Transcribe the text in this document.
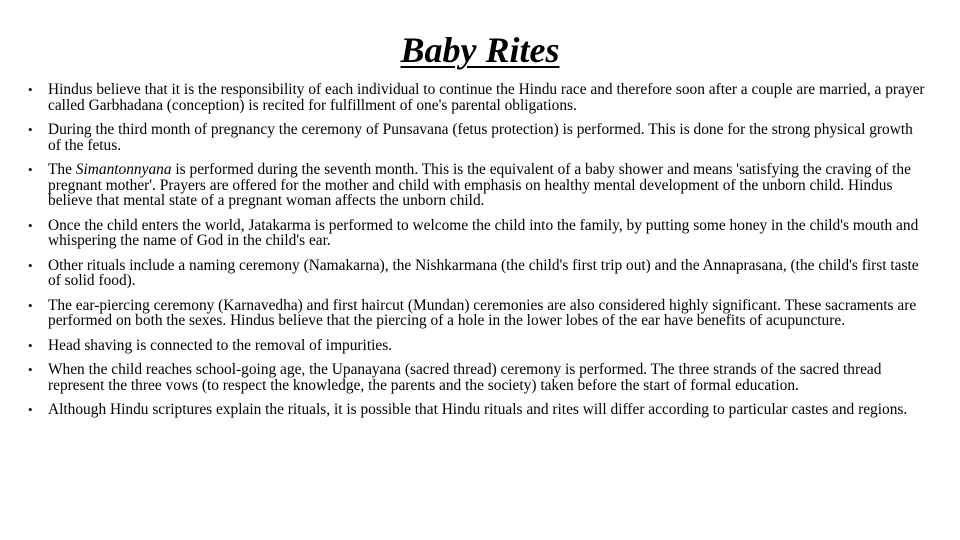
Baby Rites
• Hindus believe that it is the responsibility of each individual to continue the Hindu race and therefore soon after a couple are married, a prayer called Garbhadana (conception) is recited for fulfillment of one's parental obligations.
• During the third month of pregnancy the ceremony of Punsavana (fetus protection) is performed. This is done for the strong physical growth of the fetus.
• The Simantonnyana is performed during the seventh month. This is the equivalent of a baby shower and means 'satisfying the craving of the pregnant mother'. Prayers are offered for the mother and child with emphasis on healthy mental development of the unborn child. Hindus believe that mental state of a pregnant woman affects the unborn child.
• Once the child enters the world, Jatakarma is performed to welcome the child into the family, by putting some honey in the child's mouth and whispering the name of God in the child's ear.
• Other rituals include a naming ceremony (Namakarna), the Nishkarmana (the child's first trip out) and the Annaprasana, (the child's first taste of solid food).
• The ear-piercing ceremony (Karnavedha) and first haircut (Mundan) ceremonies are also considered highly significant. These sacraments are performed on both the sexes. Hindus believe that the piercing of a hole in the lower lobes of the ear have benefits of acupuncture.
• Head shaving is connected to the removal of impurities.
• When the child reaches school-going age, the Upanayana (sacred thread) ceremony is performed. The three strands of the sacred thread represent the three vows (to respect the knowledge, the parents and the society) taken before the start of formal education.
• Although Hindu scriptures explain the rituals, it is possible that Hindu rituals and rites will differ according to particular castes and regions.
